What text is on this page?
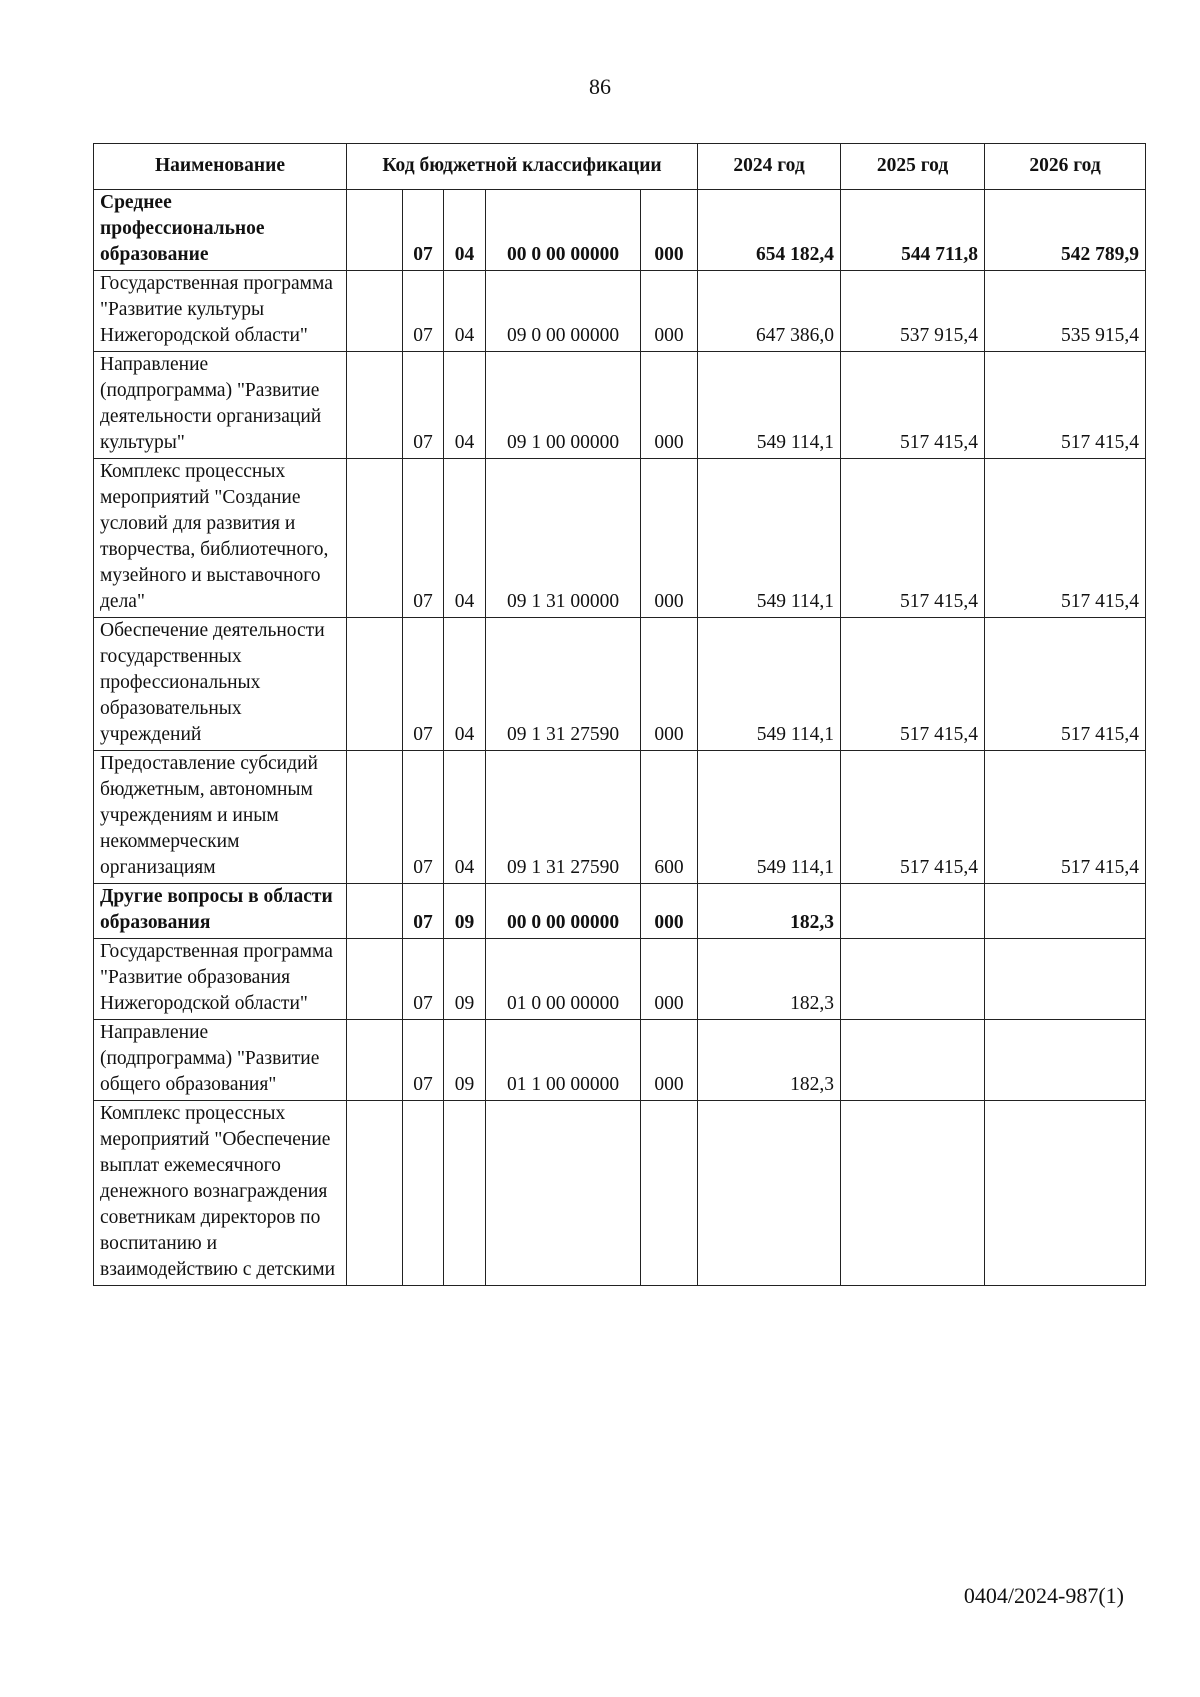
86
Наименование	Код бюджетной классификации					2024 год	2025 год	2026 год
Среднее профессиональное образование		07	04	00 0 00 00000	000	654 182,4	544 711,8	542 789,9
Государственная программа "Развитие культуры Нижегородской области"		07	04	09 0 00 00000	000	647 386,0	537 915,4	535 915,4
Направление (подпрограмма) "Развитие деятельности организаций культуры"		07	04	09 1 00 00000	000	549 114,1	517 415,4	517 415,4
Комплекс процессных мероприятий "Создание условий для развития и творчества, библиотечного, музейного и выставочного дела"		07	04	09 1 31 00000	000	549 114,1	517 415,4	517 415,4
Обеспечение деятельности государственных профессиональных образовательных учреждений		07	04	09 1 31 27590	000	549 114,1	517 415,4	517 415,4
Предоставление субсидий бюджетным, автономным учреждениям и иным некоммерческим организациям		07	04	09 1 31 27590	600	549 114,1	517 415,4	517 415,4
Другие вопросы в области образования		07	09	00 0 00 00000	000	182,3		
Государственная программа "Развитие образования Нижегородской области"		07	09	01 0 00 00000	000	182,3		
Направление (подпрограмма) "Развитие общего образования"		07	09	01 1 00 00000	000	182,3		
Комплекс процессных мероприятий "Обеспечение выплат ежемесячного денежного вознаграждения советникам директоров по воспитанию и взаимодействию с детскими								
0404/2024-987(1)
